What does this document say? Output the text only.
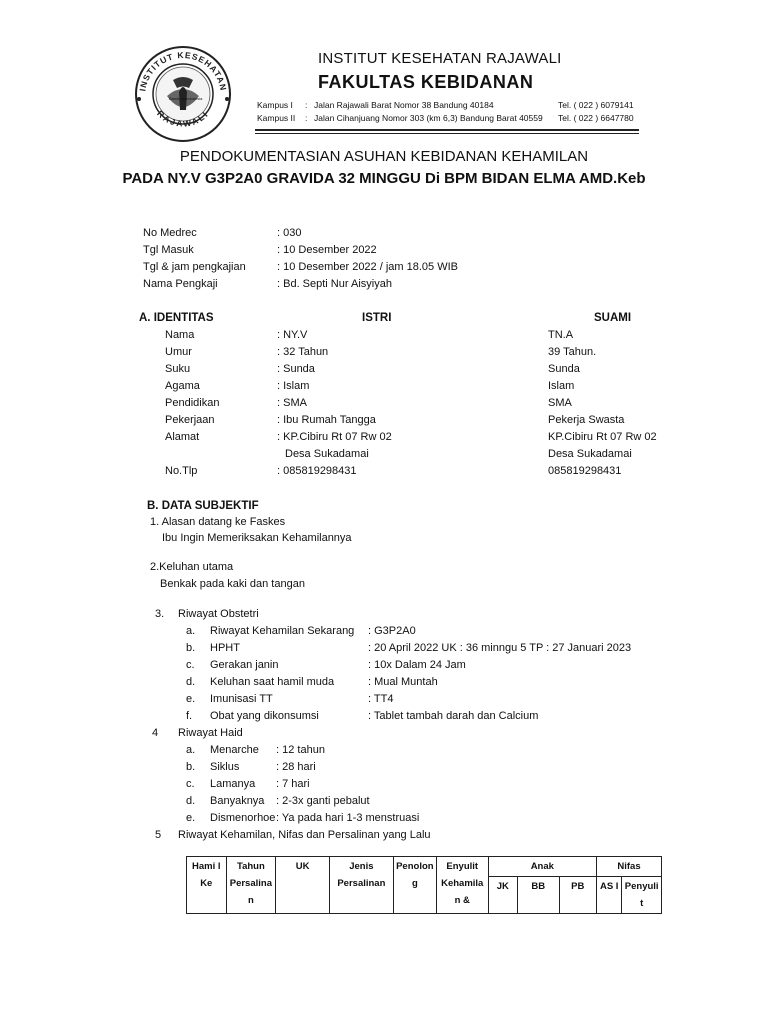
INSTITUT KESEHATAN
RAJAWALI
Bandung Indonesia
INSTITUT KESEHATAN RAJAWALI
FAKULTAS KEBIDANAN
Kampus I : Jalan Rajawali Barat Nomor 38 Bandung 40184	Tel. ( 022 ) 6079141
Kampus II : Jalan Cihanjuang Nomor 303 (km 6,3) Bandung Barat 40559 Tel. ( 022 ) 6647780
PENDOKUMENTASIAN ASUHAN KEBIDANAN KEHAMILAN
PADA NY.V G3P2A0 GRAVIDA 32 MINGGU Di BPM BIDAN ELMA AMD.Keb
No Medrec	: 030
Tgl Masuk	: 10 Desember 2022
Tgl & jam pengkajian	: 10 Desember 2022 / jam 18.05 WIB
Nama Pengkaji	: Bd. Septi Nur Aisyiyah
A. IDENTITAS	ISTRI	SUAMI
Nama	: NY.V	TN.A
Umur	: 32 Tahun	39 Tahun.
Suku	: Sunda	Sunda
Agama	: Islam	Islam
Pendidikan	: SMA	SMA
Pekerjaan	: Ibu Rumah Tangga	Pekerja Swasta
Alamat	: KP.Cibiru Rt 07 Rw 02	KP.Cibiru Rt 07 Rw 02
Desa Sukadamai	Desa Sukadamai
No.Tlp	: 085819298431	085819298431
B. DATA SUBJEKTIF
1. Alasan datang ke Faskes
Ibu Ingin Memeriksakan Kehamilannya
2.Keluhan utama
Benkak pada kaki dan tangan
3. Riwayat Obstetri
a. Riwayat Kehamilan Sekarang : G3P2A0
b. HPHT	: 20 April 2022 UK : 36 minngu 5 TP : 27 Januari 2023
c. Gerakan janin	: 10x Dalam 24 Jam
d. Keluhan saat hamil muda	: Mual Muntah
e. Imunisasi TT	: TT4
f. Obat yang dikonsumsi	: Tablet tambah darah dan Calcium
4 Riwayat Haid
a. Menarche : 12 tahun
b. Siklus	: 28 hari
c. Lamanya : 7 hari
d. Banyaknya : 2-3x ganti pebalut
e. Dismenorhoe : Ya pada hari 1-3 menstruasi
5 Riwayat Kehamilan, Nifas dan Persalinan yang Lalu
Hami l Ke	Tahun Persalina n	UK	Jenis Persalinan	Penolon g	Enyulit Kehamila n &	Anak			Nifas	
						JK	BB	PB	AS I	Penyuli t
